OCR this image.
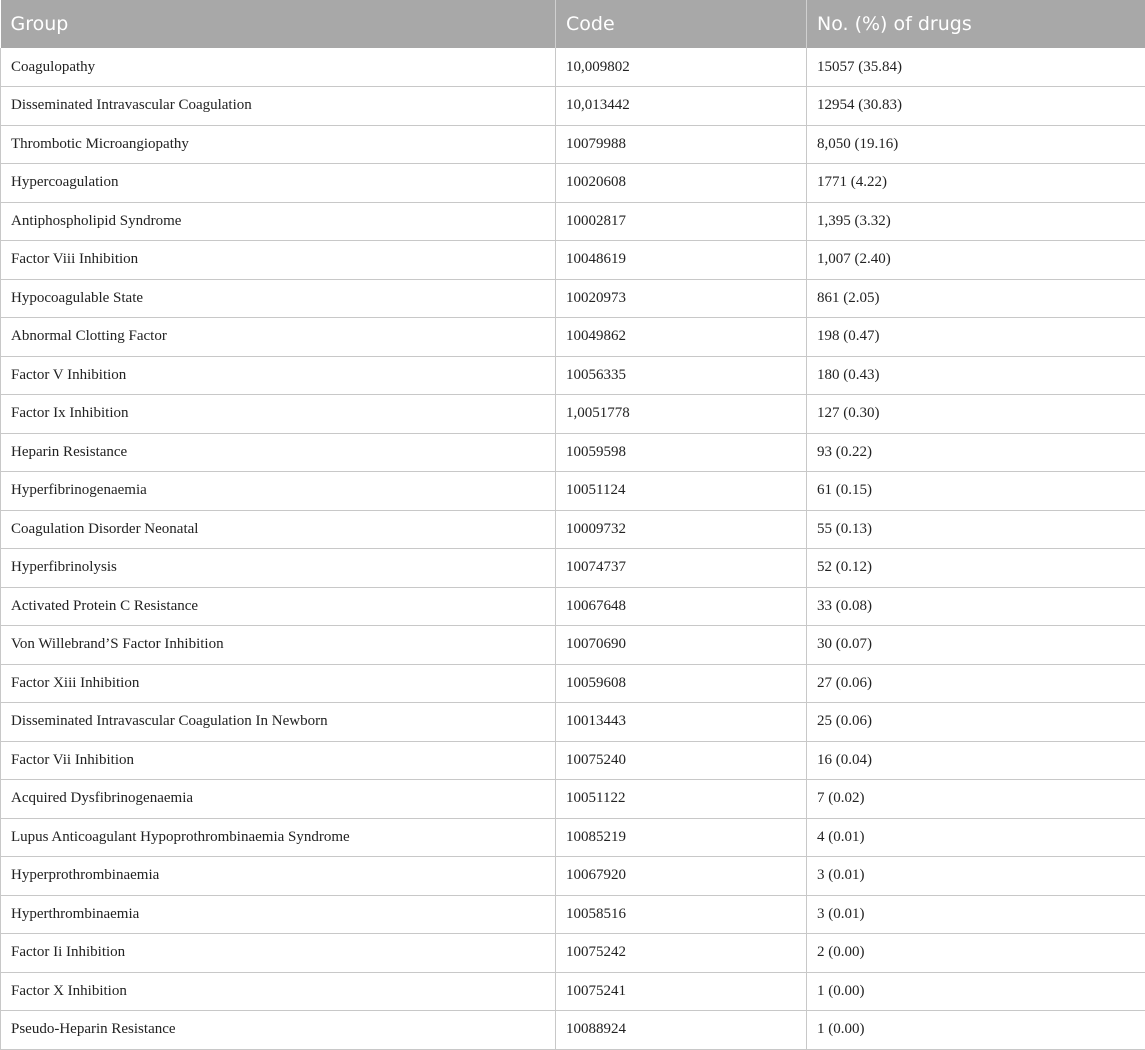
Group	Code	No. (%) of drugs
Coagulopathy	10,009802	15057 (35.84)
Disseminated Intravascular Coagulation	10,013442	12954 (30.83)
Thrombotic Microangiopathy	10079988	8,050 (19.16)
Hypercoagulation	10020608	1771 (4.22)
Antiphospholipid Syndrome	10002817	1,395 (3.32)
Factor Viii Inhibition	10048619	1,007 (2.40)
Hypocoagulable State	10020973	861 (2.05)
Abnormal Clotting Factor	10049862	198 (0.47)
Factor V Inhibition	10056335	180 (0.43)
Factor Ix Inhibition	1,0051778	127 (0.30)
Heparin Resistance	10059598	93 (0.22)
Hyperfibrinogenaemia	10051124	61 (0.15)
Coagulation Disorder Neonatal	10009732	55 (0.13)
Hyperfibrinolysis	10074737	52 (0.12)
Activated Protein C Resistance	10067648	33 (0.08)
Von Willebrand’S Factor Inhibition	10070690	30 (0.07)
Factor Xiii Inhibition	10059608	27 (0.06)
Disseminated Intravascular Coagulation In Newborn	10013443	25 (0.06)
Factor Vii Inhibition	10075240	16 (0.04)
Acquired Dysfibrinogenaemia	10051122	7 (0.02)
Lupus Anticoagulant Hypoprothrombinaemia Syndrome	10085219	4 (0.01)
Hyperprothrombinaemia	10067920	3 (0.01)
Hyperthrombinaemia	10058516	3 (0.01)
Factor Ii Inhibition	10075242	2 (0.00)
Factor X Inhibition	10075241	1 (0.00)
Pseudo-Heparin Resistance	10088924	1 (0.00)
